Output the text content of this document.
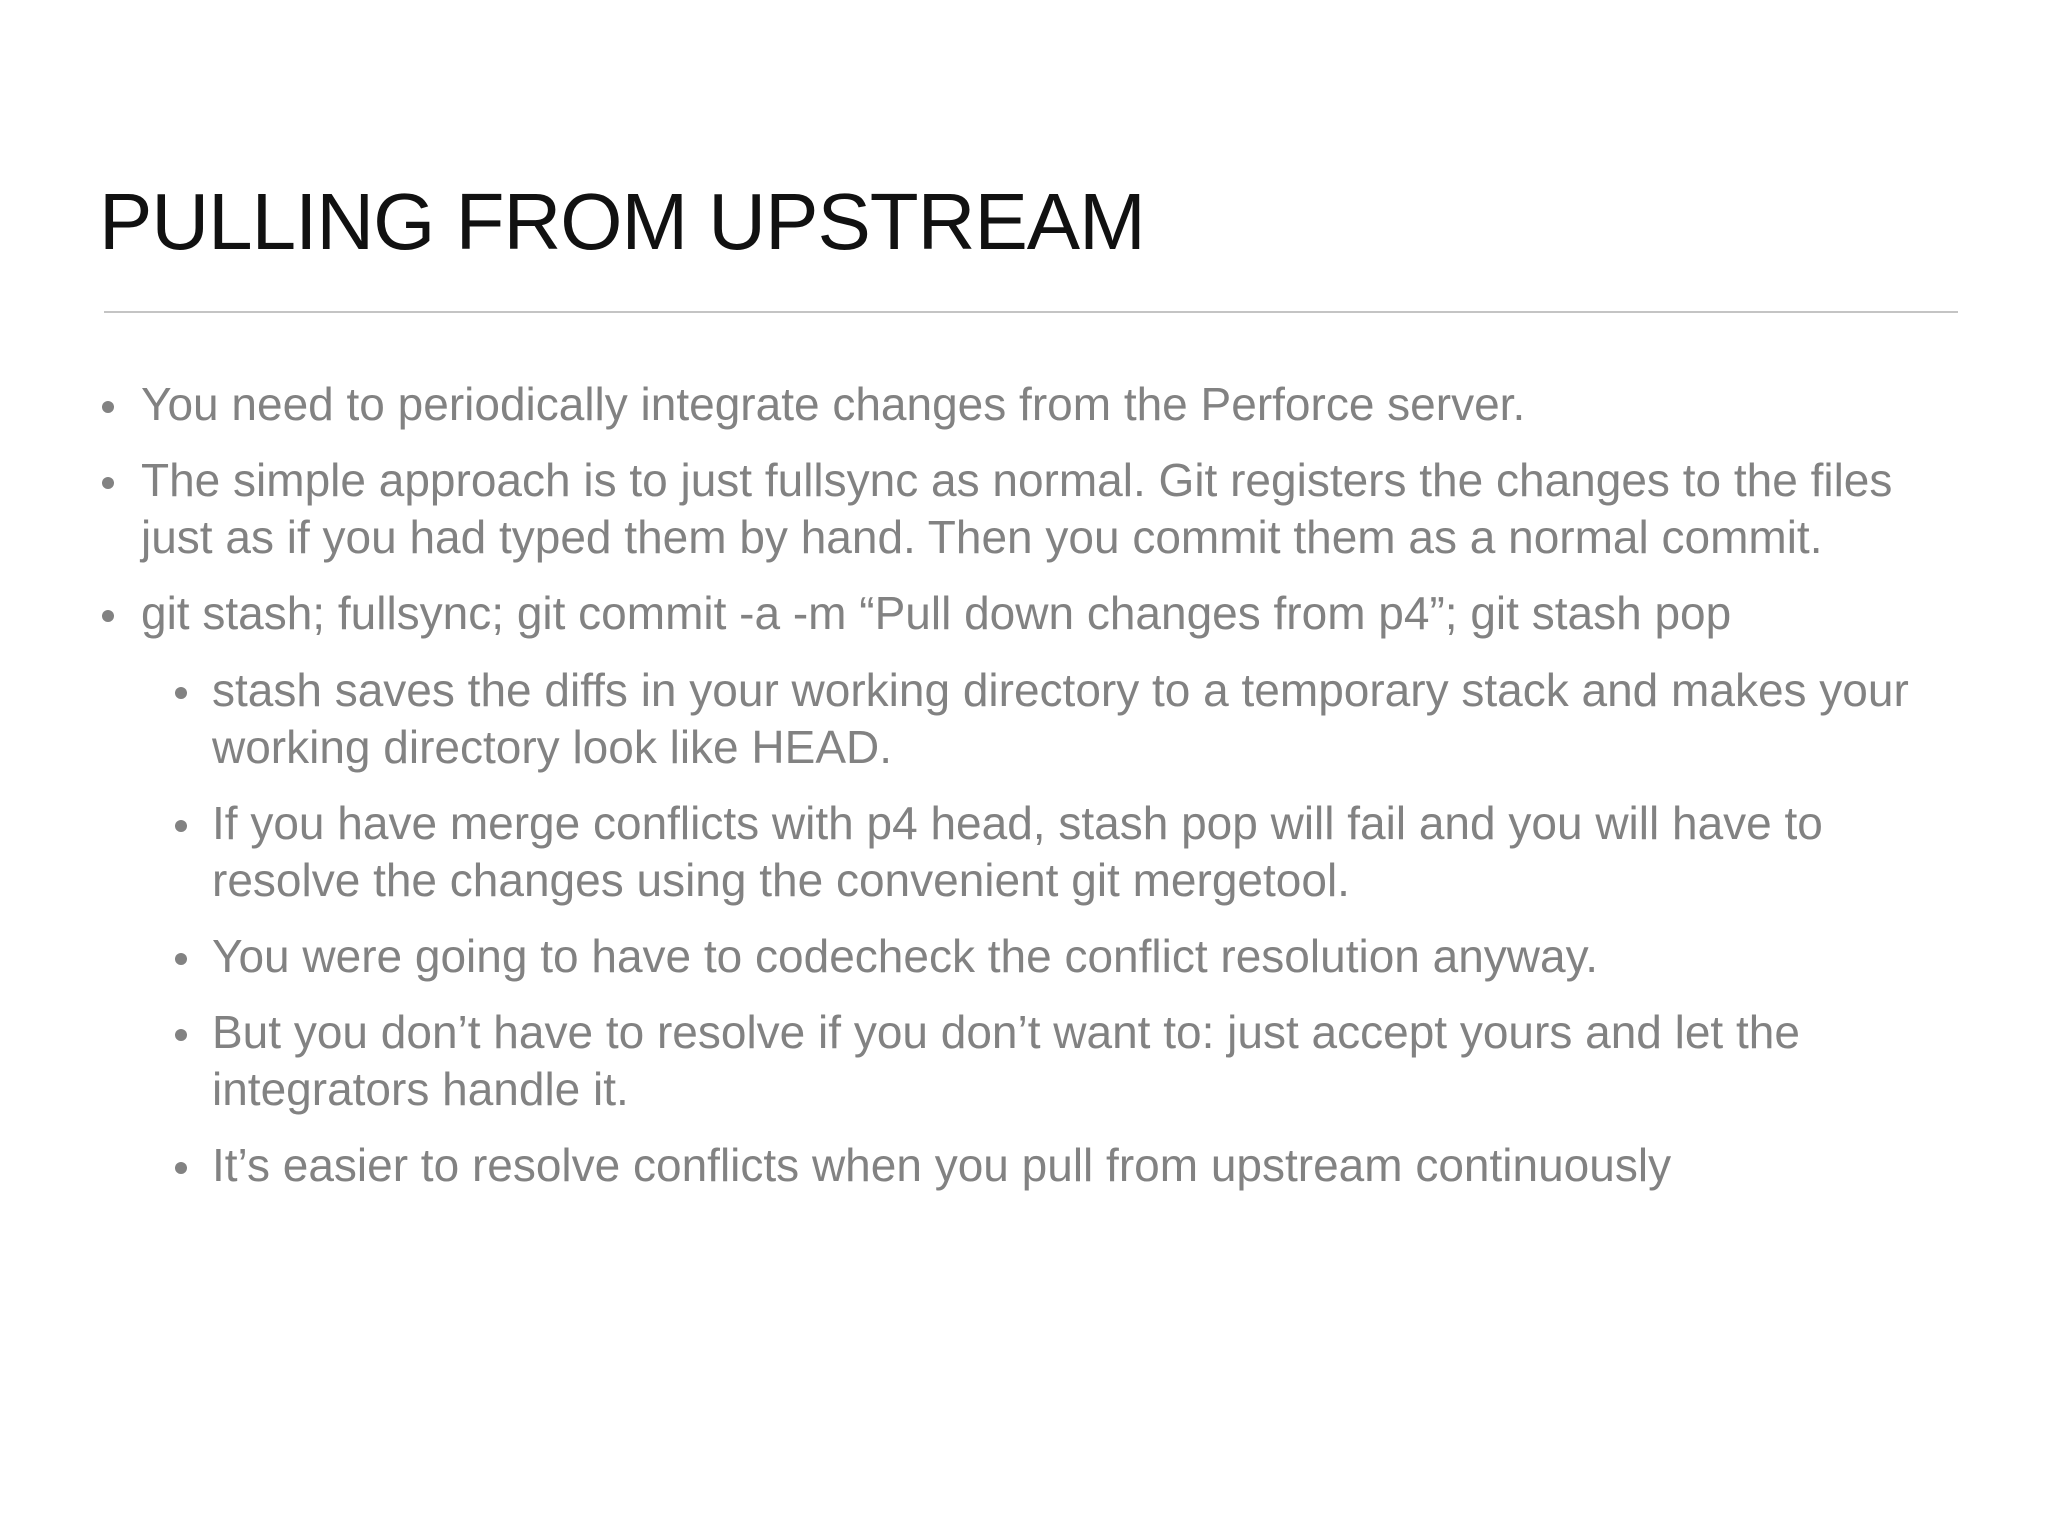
PULLING FROM UPSTREAM
You need to periodically integrate changes from the Perforce server.
The simple approach is to just fullsync as normal. Git registers the changes to the files just as if you had typed them by hand. Then you commit them as a normal commit.
git stash; fullsync; git commit -a -m “Pull down changes from p4”; git stash pop
stash saves the diffs in your working directory to a temporary stack and makes your working directory look like HEAD.
If you have merge conflicts with p4 head, stash pop will fail and you will have to resolve the changes using the convenient git mergetool.
You were going to have to codecheck the conflict resolution anyway.
But you don’t have to resolve if you don’t want to: just accept yours and let the integrators handle it.
It’s easier to resolve conflicts when you pull from upstream continuously
